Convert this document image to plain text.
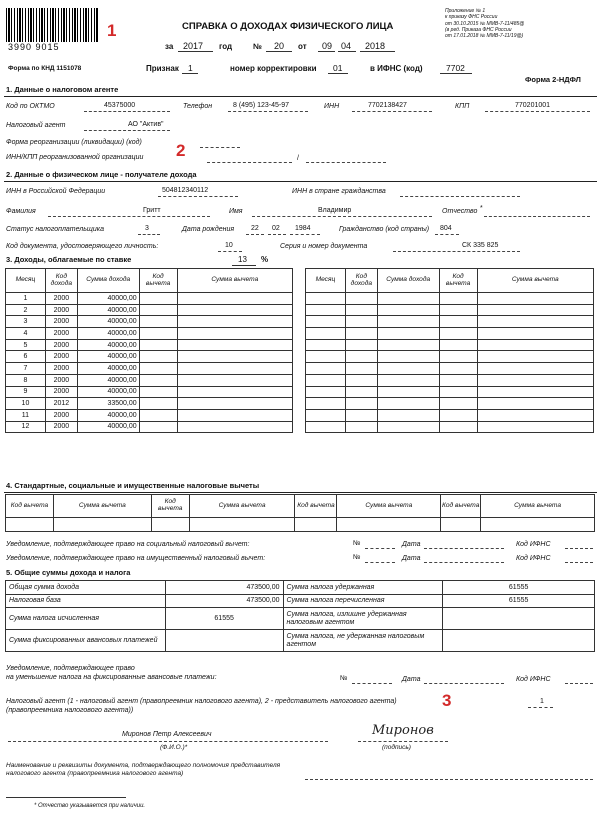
3990 9015
1	СПРАВКА О ДОХОДАХ ФИЗИЧЕСКОГО ЛИЦА
Приложение № 1
к приказу ФНС России
от 30.10.2015 № ММВ-7-11/485@
(в ред. Приказа ФНС России
от 17.01.2018 № ММВ-7-11/19@)
за 2017 год	№ 20 от 09 04 2018
Форма по КНД 1151078	Признак 1	номер корректировки 01	в ИФНС (код)	7702
Форма 2-НДФЛ
1. Данные о налоговом агенте
Код по ОКТМО	45375000	Телефон	8 (495) 123-45-97	ИНН	7702138427	КПП	770201001
Налоговый агент	АО "Актив"
Форма реорганизации (ликвидации) (код) 2
ИНН/КПП реорганизованной организации	/
2. Данные о физическом лице - получателе дохода
ИНН в Российской Федерации	504812340112	ИНН в стране гражданства
Фамилия	Гритт	Имя	Владимир	Отчество *
Статус налогоплательщика	3	Дата рождения 22 02 1984	Гражданство (код страны) 804
Код документа, удостоверяющего личность:	10	Серия и номер документа	СК 335 825
3. Доходы, облагаемые по ставке	13 %
Месяц	Код дохода	Сумма дохода	Код вычета	Сумма вычета
1	2000	40000,00		
2	2000	40000,00		
3	2000	40000,00		
4	2000	40000,00		
5	2000	40000,00		
6	2000	40000,00		
7	2000	40000,00		
8	2000	40000,00		
9	2000	40000,00		
10	2012	33500,00		
11	2000	40000,00		
12	2000	40000,00		
Месяц	Код дохода	Сумма дохода	Код вычета	Сумма вычета

4. Стандартные, социальные и имущественные налоговые вычеты
Код вычета	Сумма вычета	Код вычета	Сумма вычета	Код вычета	Сумма вычета	Код вычета	Сумма вычета

Уведомление, подтверждающее право на социальный налоговый вычет:	№	Дата	Код ИФНС
Уведомление, подтверждающее право на имущественный налоговый вычет:	№	Дата	Код ИФНС
5. Общие суммы дохода и налога
Общая сумма дохода	473500,00	Сумма налога удержанная	61555
Налоговая база	473500,00	Сумма налога перечисленная	61555
Сумма налога исчисленная	61555	Сумма налога, излишне удержанная налоговым агентом	
Сумма фиксированных авансовых платежей		Сумма налога, не удержанная налоговым агентом	
Уведомление, подтверждающее право
на уменьшение налога на фиксированные авансовые платежи:	№	Дата	Код ИФНС
Налоговый агент (1 - налоговый агент (правопреемник налогового агента), 2 - представитель налогового агента)
(правопреемника налогового агента))
3	1
Миронов Петр Алексеевич
(Ф.И.О.)*
Миронов
(подпись)
Наименование и реквизиты документа, подтверждающего полномочия представителя
налогового агента (правопреемника налогового агента)
* Отчество указывается при наличии.
